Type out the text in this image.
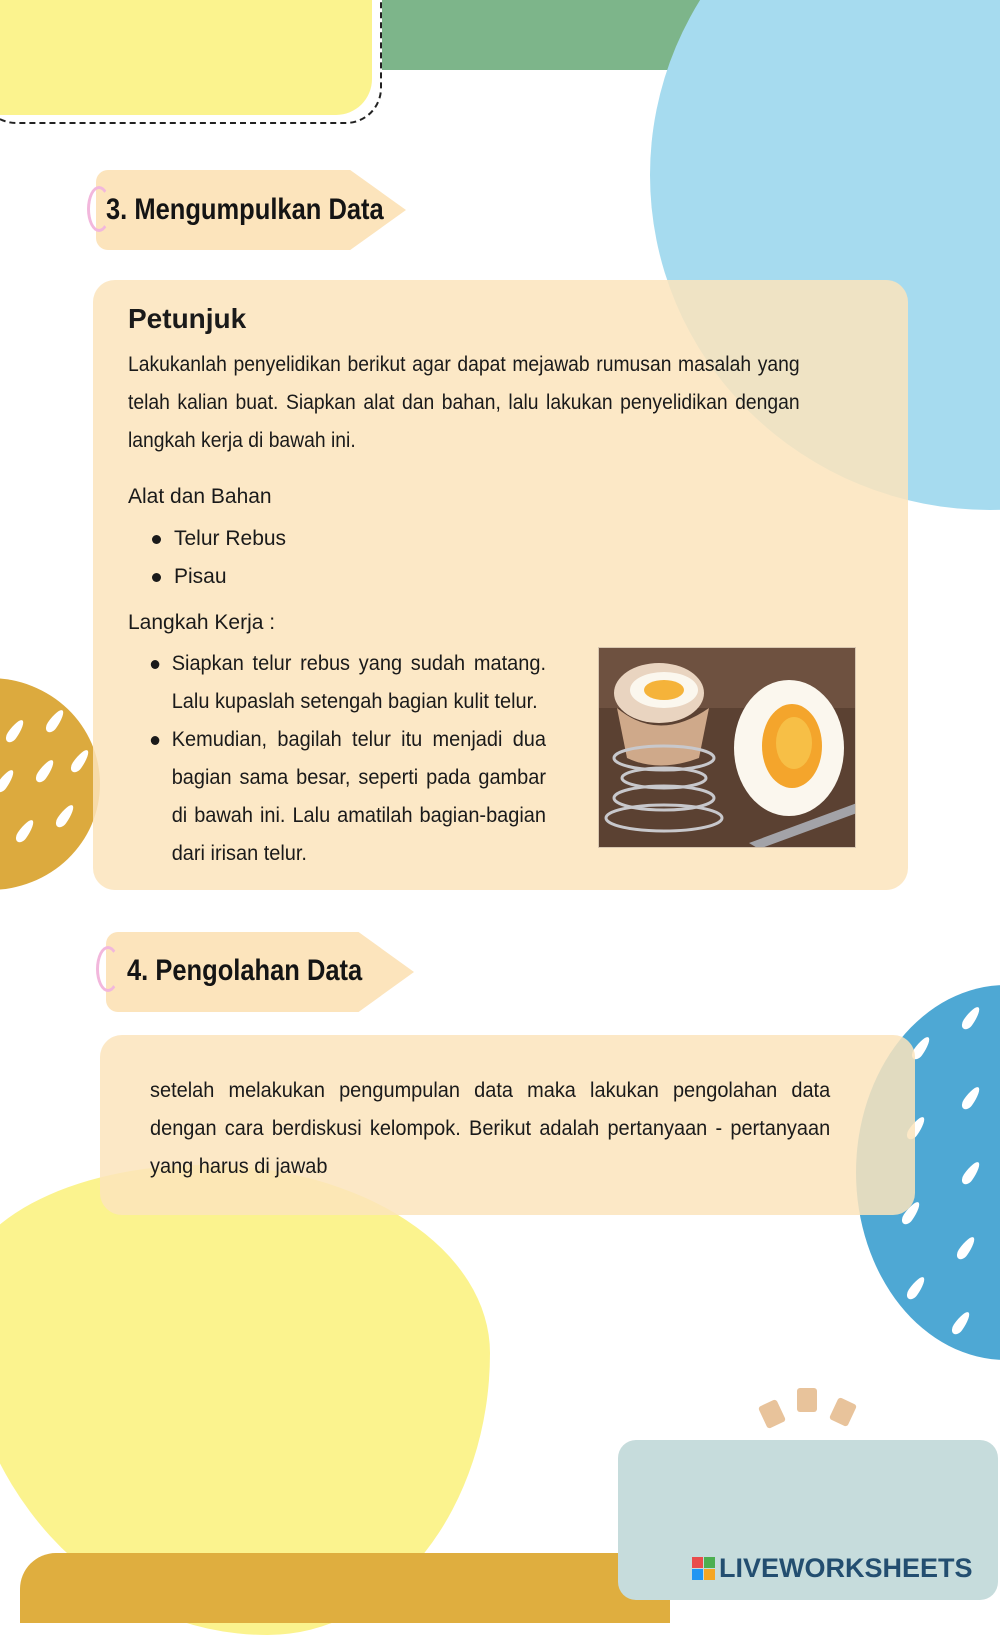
3. Mengumpulkan Data
Petunjuk
Lakukanlah penyelidikan berikut agar dapat mejawab rumusan masalah yang telah kalian buat. Siapkan alat dan bahan, lalu lakukan penyelidikan dengan langkah kerja di bawah ini.
Alat dan Bahan
Telur Rebus
Pisau
Langkah Kerja :
Siapkan telur rebus yang sudah matang. Lalu kupaslah setengah bagian kulit telur.
Kemudian, bagilah telur itu menjadi dua bagian sama besar, seperti pada gambar di bawah ini. Lalu amatilah bagian-bagian dari irisan telur.
4. Pengolahan Data
setelah melakukan pengumpulan data maka lakukan pengolahan data dengan cara berdiskusi kelompok. Berikut adalah pertanyaan - pertanyaan yang harus di jawab
LIVEWORKSHEETS
